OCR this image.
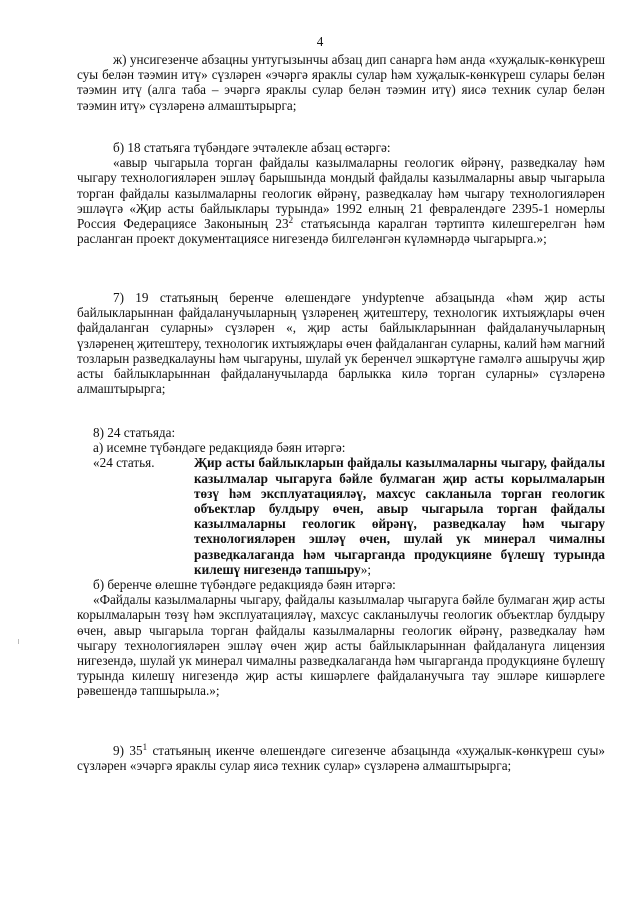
4

ж) унсигезенче абзацны унтугызынчы абзац дип санарга һәм анда «хуҗалык-көнкүреш суы белән тәэмин итү» сүзләрен «эчәргә яраклы сулар һәм хуҗалык-көнкүреш сулары белән тәэмин итү (алга таба – эчәргә яраклы сулар белән тәэмин итү) яисә техник сулар белән тәэмин итү» сүзләренә алмаштырырга;

б) 18 статьяга түбәндәге эчтәлекле абзац өстәргә:

«авыр чыгарыла торган файдалы казылмаларны геологик өйрәнү, разведкалау һәм чыгару технологияләрен эшләү барышында мондый файдалы казылмаларны авыр чыгарыла торган файдалы казылмаларны геологик өйрәнү, разведкалау һәм чыгару технологияләрен эшләүгә «Җир асты байлыклары турында» 1992 елның 21 февралендәге 2395-1 номерлы Россия Федерациясе Законының $23^2$ статьясында каралган тәртиптә килешгерелгән һәм расланган проект документациясе нигезендә билгеләнгән күләмнәрдә чыгарырга.»;

7) 19 статьяның беренче өлешендәге унdурtenче абзацында «һәм җир асты байлыкларыннан файдаланучыларның үзләренең җитештеру, технологик ихтыяҗлары өчен файдаланган суларны» сүзләрен «, җир асты байлыкларыннан файдаланучыларның үзләренең җитештеру, технологик ихтыяҗлары өчен файдаланган суларны, калий һәм магний тозларын разведкалауны һәм чыгаруны, шулай ук беренчел эшкәртүне гамәлгә ашыручы җир асты байлыкларыннан файдаланучыларда барлыкка килә торган суларны» сүзләренә алмаштырырга;

8) 24 статьяда:

а) исемне түбәндәге редакциядә бәян итәргә:

«24 статья.	Җир асты байлыкларын файдалы казылмаларны чыгару, файдалы казылмалар чыгаруга бәйле булмаган җир асты корылмаларын төзү һәм эксплуатацияләү, махсус сакланыла торган геологик объектлар булдыру өчен, авыр чыгарыла торган файдалы казылмаларны геологик өйрәнү, разведкалау һәм чыгару технологияләрен эшләү өчен, шулай ук минерал чималны разведкалаганда һәм чыгарганда продукцияне бүлешү турында килешү нигезендә тапшыру»;

б) беренче өлешне түбәндәге редакциядә бәян итәргә:

«Файдалы казылмаларны чыгару, файдалы казылмалар чыгаруга бәйле булмаган җир асты корылмаларын төзү һәм эксплуатацияләү, махсус сакланылучы геологик объектлар булдыру өчен, авыр чыгарыла торган файдалы казылмаларны геологик өйрәнү, разведкалау һәм чыгару технологияләрен эшләү өчен җир асты байлыкларыннан файдалануга лицензия нигезендә, шулай ук минерал чималны разведкалаганда һәм чыгарганда продукцияне бүлешү турында килешү нигезендә җир асты кишәрлеге файдаланучыга тау эшләре кишәрлеге рәвешендә тапшырыла.»;

9) $35^1$ статьяның икенче өлешендәге сигезенче абзацында «хуҗалык-көнкүреш суы» сүзләрен «эчәргә яраклы сулар яисә техник сулар» сүзләренә алмаштырырга;
